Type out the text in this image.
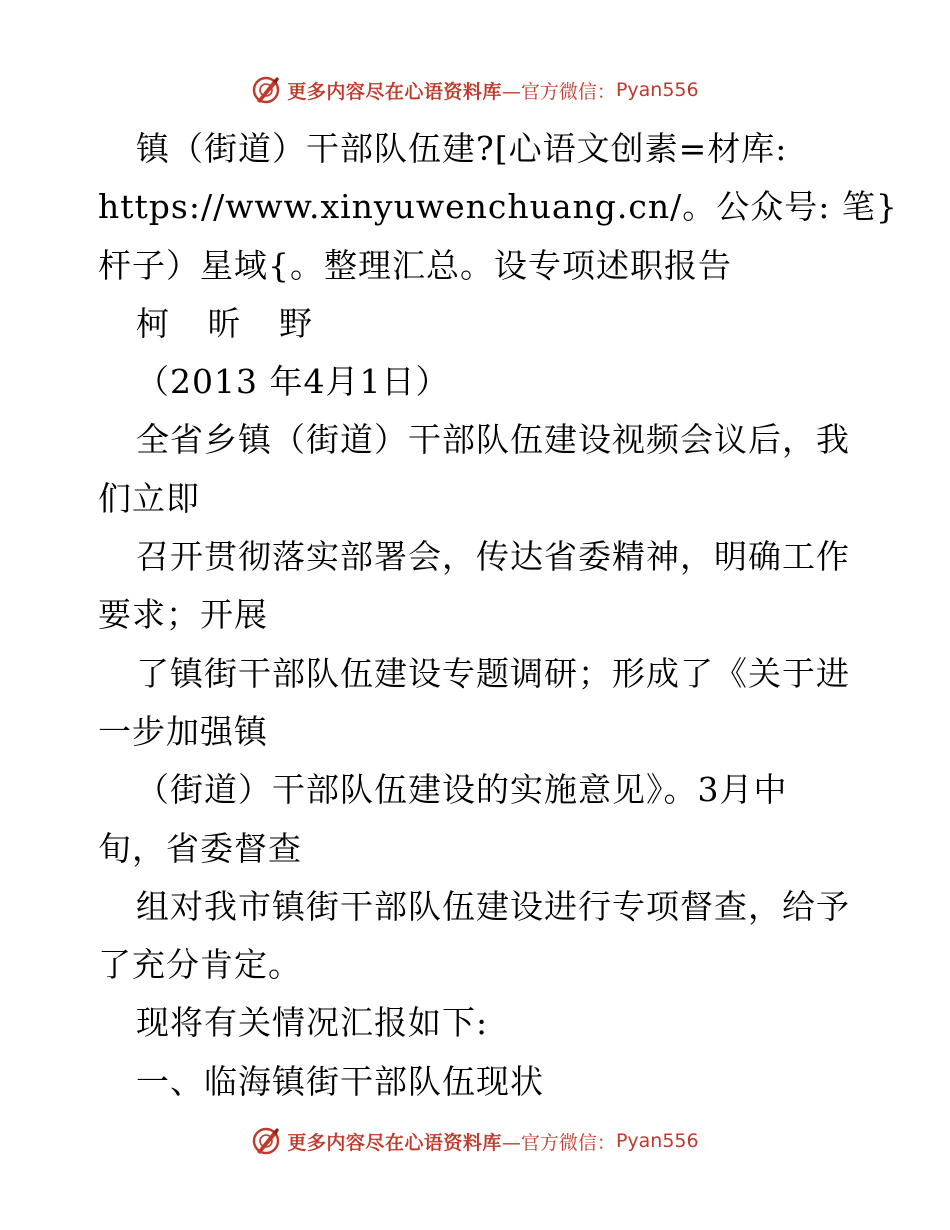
更多内容尽在心语资料库 —官方微信： Pyan556
镇（街道）干部队伍建?[心语文创素=材库:
https://www.xinyuwenchuang.cn/。公众号: 笔}
杆子）星域{。整理汇总。设专项述职报告
柯 昕 野
（2013 年4月1日）
全省乡镇（街道）干部队伍建设视频会议后，我
们立即
召开贯彻落实部署会，传达省委精神，明确工作
要求；开展
了镇街干部队伍建设专题调研；形成了《关于进
一步加强镇
（街道）干部队伍建设的实施意见》。3月中
旬，省委督查
组对我市镇街干部队伍建设进行专项督查，给予
了充分肯定。
现将有关情况汇报如下:
一、临海镇街干部队伍现状
更多内容尽在心语资料库 —官方微信： Pyan556
